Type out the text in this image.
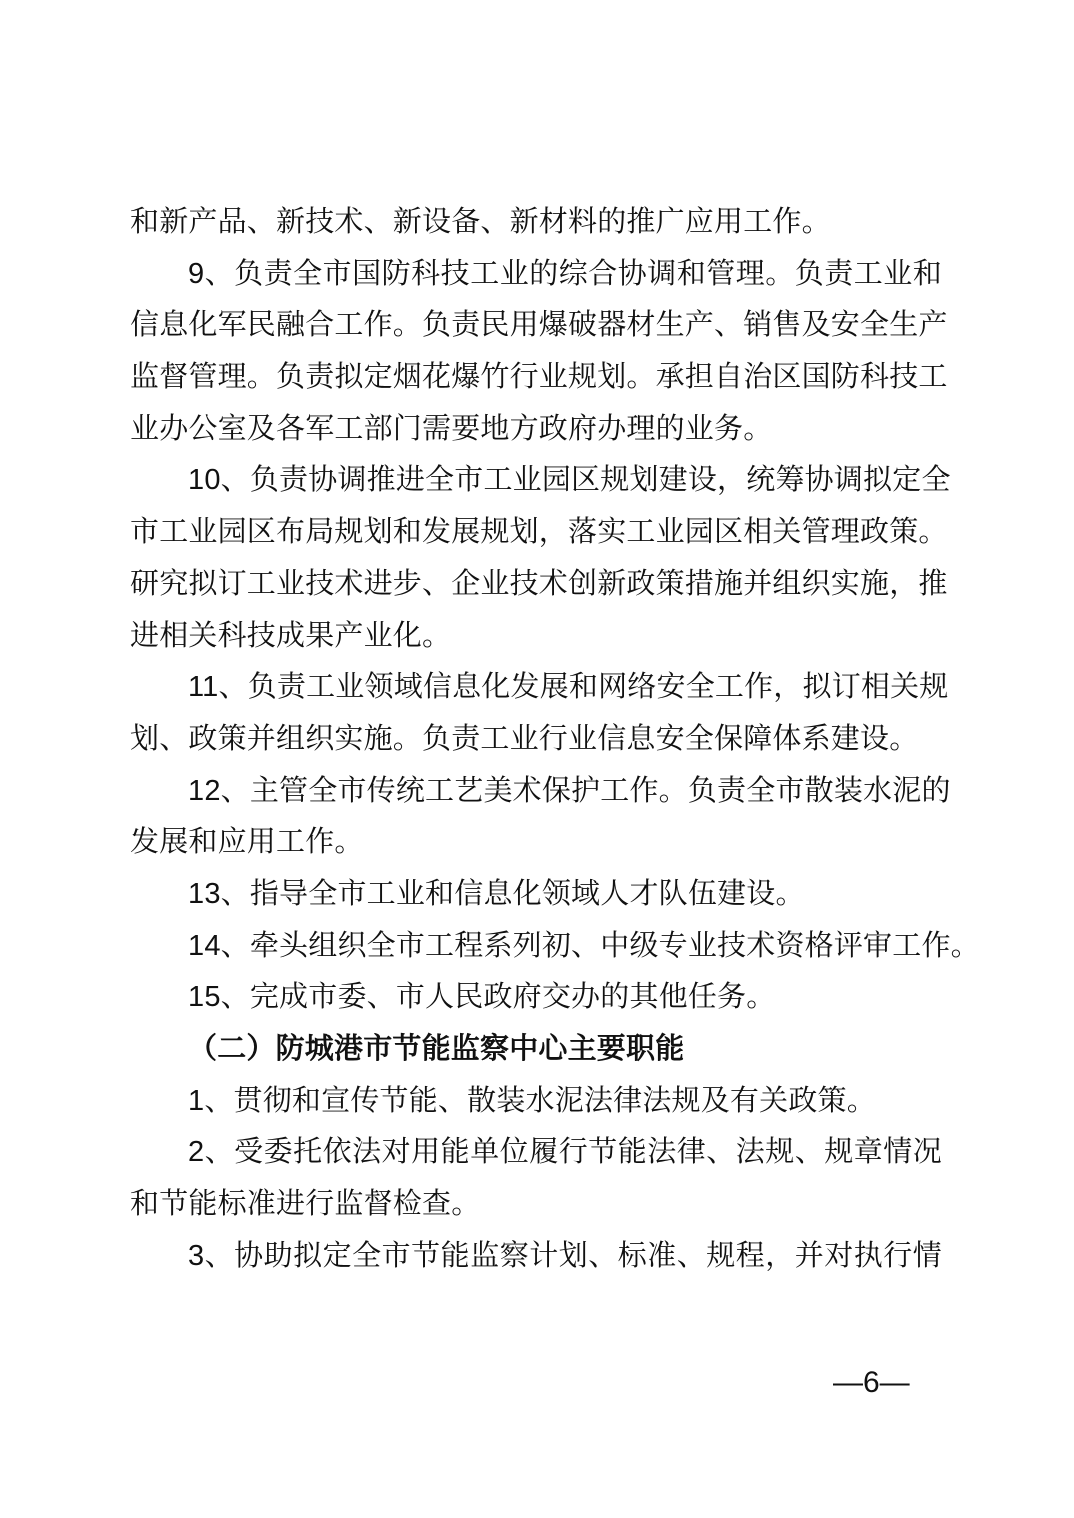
和新产品、新技术、新设备、新材料的推广应用工作。
9、负责全市国防科技工业的综合协调和管理。负责工业和
信息化军民融合工作。负责民用爆破器材生产、销售及安全生产
监督管理。负责拟定烟花爆竹行业规划。承担自治区国防科技工
业办公室及各军工部门需要地方政府办理的业务。
10、负责协调推进全市工业园区规划建设，统筹协调拟定全
市工业园区布局规划和发展规划，落实工业园区相关管理政策。
研究拟订工业技术进步、企业技术创新政策措施并组织实施，推
进相关科技成果产业化。
11、负责工业领域信息化发展和网络安全工作，拟订相关规
划、政策并组织实施。负责工业行业信息安全保障体系建设。
12、主管全市传统工艺美术保护工作。负责全市散装水泥的
发展和应用工作。
13、指导全市工业和信息化领域人才队伍建设。
14、牵头组织全市工程系列初、中级专业技术资格评审工作。
15、完成市委、市人民政府交办的其他任务。
（二）防城港市节能监察中心主要职能
1、贯彻和宣传节能、散装水泥法律法规及有关政策。
2、受委托依法对用能单位履行节能法律、法规、规章情况
和节能标准进行监督检查。
3、协助拟定全市节能监察计划、标准、规程，并对执行情
—6—
